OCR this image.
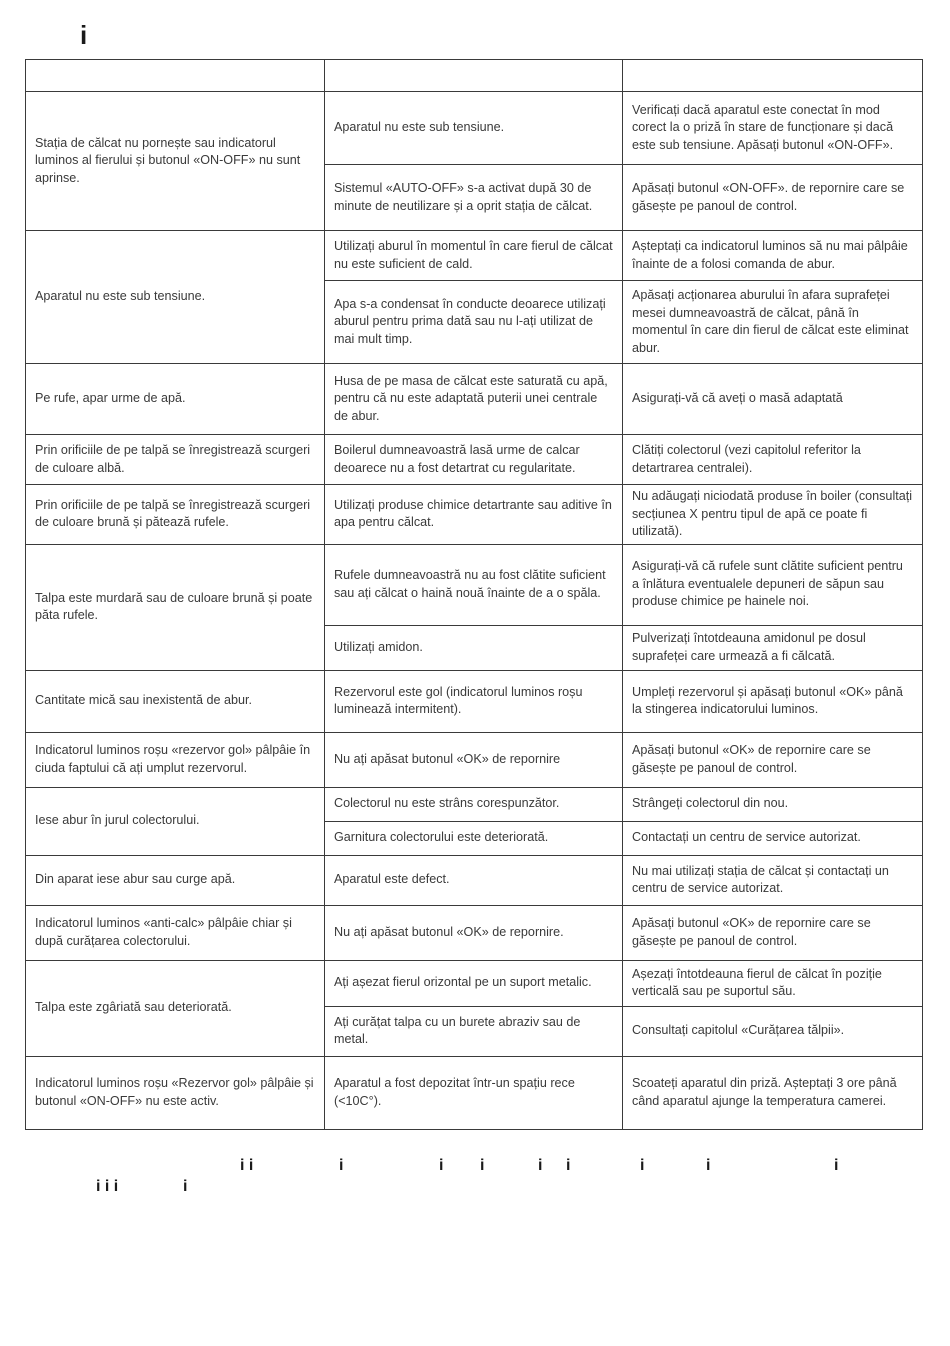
i

Stația de călcat nu pornește sau indicatorul luminos al fierului și butonul «ON-OFF» nu sunt aprinse.	Aparatul nu este sub tensiune.	Verificați dacă aparatul este conectat în mod corect la o priză în stare de funcționare și dacă este sub tensiune. Apăsați butonul «ON-OFF».
	Sistemul «AUTO-OFF» s-a activat după 30 de minute de neutilizare și a oprit stația de călcat.	Apăsați butonul «ON-OFF». de repornire care se găsește pe panoul de control.
Aparatul nu este sub tensiune.	Utilizați aburul în momentul în care fierul de călcat nu este suficient de cald.	Așteptați ca indicatorul luminos să nu mai pâlpâie înainte de a folosi comanda de abur.
	Apa s-a condensat în conducte deoarece utilizați aburul pentru prima dată sau nu l-ați utilizat de mai mult timp.	Apăsați acționarea aburului în afara suprafeței mesei dumneavoastră de călcat, până în momentul în care din fierul de călcat este eliminat abur.
Pe rufe, apar urme de apă.	Husa de pe masa de călcat este saturată cu apă, pentru că nu este adaptată puterii unei centrale de abur.	Asigurați-vă că aveți o masă adaptată
Prin orificiile de pe talpă se înregistrează scurgeri de culoare albă.	Boilerul dumneavoastră lasă urme de calcar deoarece nu a fost detartrat cu regularitate.	Clătiți colectorul (vezi capitolul referitor la detartrarea centralei).
Prin orificiile de pe talpă se înregistrează scurgeri de culoare brună și pătează rufele.	Utilizați produse chimice detartrante sau aditive în apa pentru călcat.	Nu adăugați niciodată produse în boiler (consultați secțiunea X pentru tipul de apă ce poate fi utilizată).
Talpa este murdară sau de culoare brună și poate păta rufele.	Rufele dumneavoastră nu au fost clătite suficient sau ați călcat o haină nouă înainte de a o spăla.	Asigurați-vă că rufele sunt clătite suficient pentru a înlătura eventualele depuneri de săpun sau produse chimice pe hainele noi.
	Utilizați amidon.	Pulverizați întotdeauna amidonul pe dosul suprafeței care urmează a fi călcată.
Cantitate mică sau inexistentă de abur.	Rezervorul este gol (indicatorul luminos roșu luminează intermitent).	Umpleți rezervorul și apăsați butonul «OK» până la stingerea indicatorului luminos.
Indicatorul luminos roșu «rezervor gol» pâlpâie în ciuda faptului că ați umplut rezervorul.	Nu ați apăsat butonul «OK» de repornire	Apăsați butonul «OK» de repornire care se găsește pe panoul de control.
Iese abur în jurul colectorului.	Colectorul nu este strâns corespunzător.	Strângeți colectorul din nou.
	Garnitura colectorului este deteriorată.	Contactați un centru de service autorizat.
Din aparat iese abur sau curge apă.	Aparatul este defect.	Nu mai utilizați stația de călcat și contactați un centru de service autorizat.
Indicatorul luminos «anti-calc» pâlpâie chiar și după curățarea colectorului.	Nu ați apăsat butonul «OK» de repornire.	Apăsați butonul «OK» de repornire care se găsește pe panoul de control.
Talpa este zgâriată sau deteriorată.	Ați așezat fierul orizontal pe un suport metalic.	Așezați întotdeauna fierul de călcat în poziție verticală sau pe suportul său.
	Ați curățat talpa cu un burete abraziv sau de metal.	Consultați capitolul «Curățarea tălpii».
Indicatorul luminos roșu «Rezervor gol» pâlpâie și butonul «ON-OFF» nu este activ.	Aparatul a fost depozitat într-un spațiu rece (<10C°).	Scoateți aparatul din priză. Așteptați 3 ore până când aparatul ajunge la temperatura camerei.
i i	i	i i	i i	i	i	i
i i i	i
